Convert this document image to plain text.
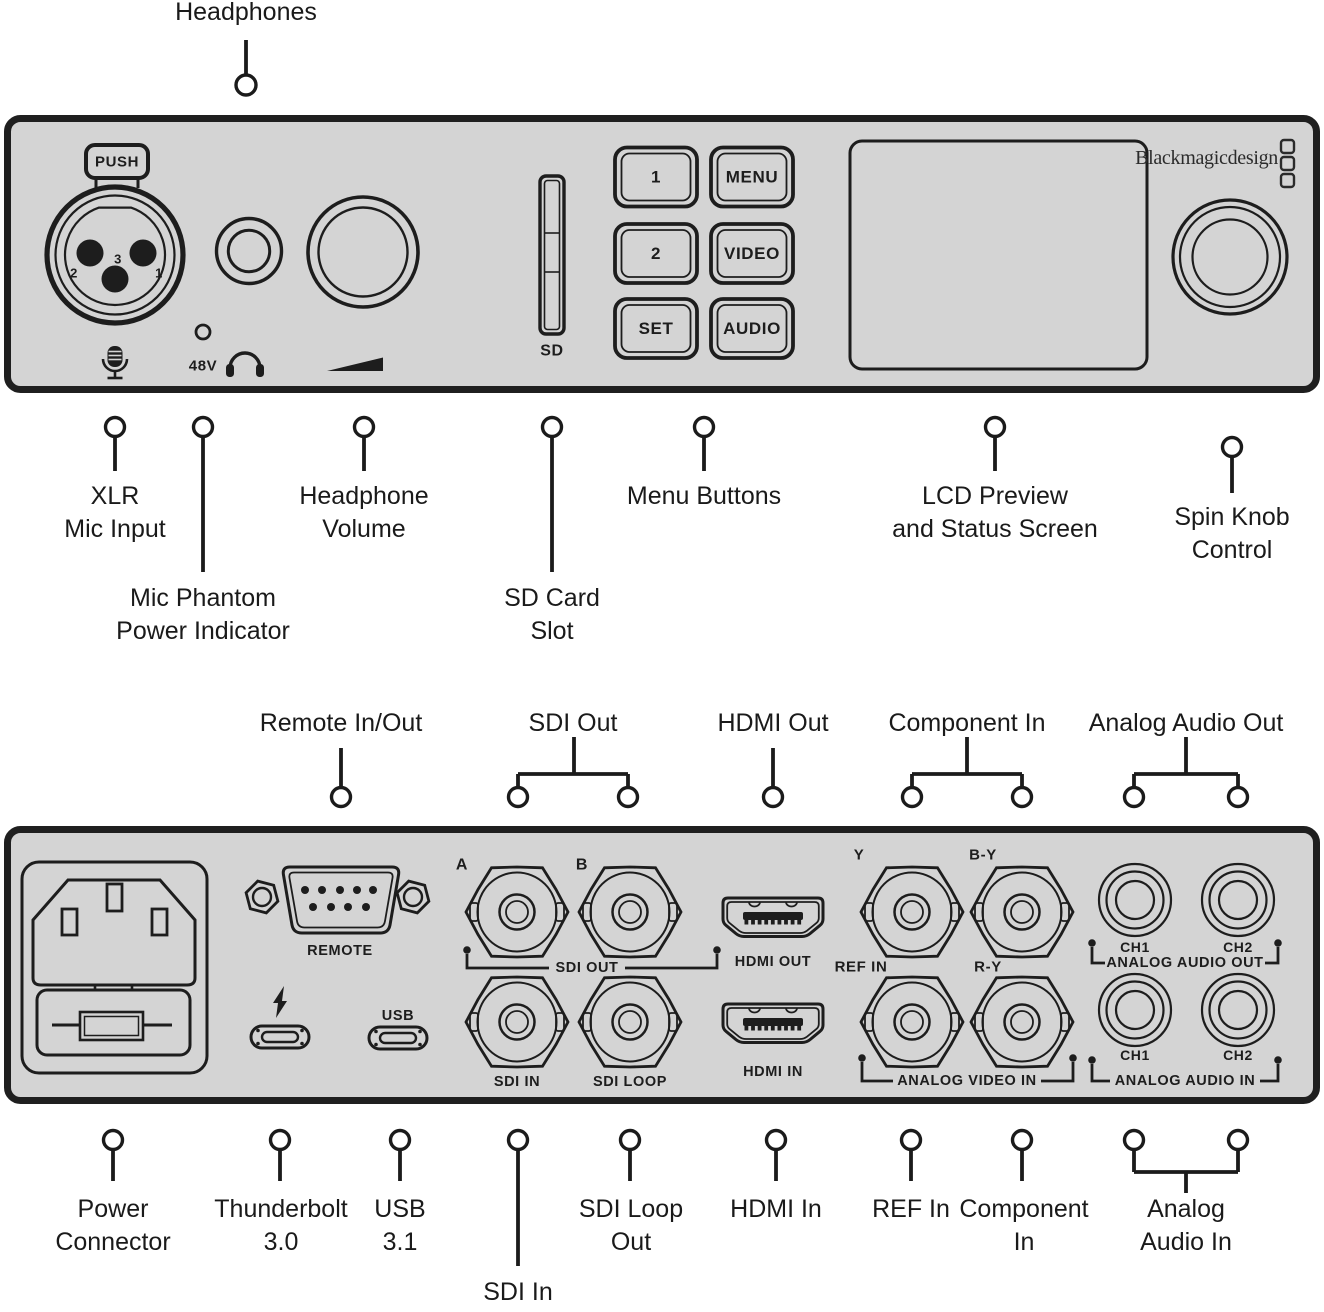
PUSH
2
3
1
48V
SD
1	MENU
2	VIDEO
SET	AUDIO
Blackmagicdesign
REMOTE
USB
A	B
SDI OUT
SDI IN	SDI LOOP
HDMI OUT
HDMI IN
Y	B-Y
REF IN	R-Y
ANALOG VIDEO IN
CH1	CH2
ANALOG AUDIO OUT
CH1	CH2
ANALOG AUDIO IN
Headphones
XLR
Mic Input
Mic Phantom
Power Indicator
Headphone
Volume
SD Card
Slot
Menu Buttons	LCD Preview
and Status Screen	Spin Knob
Control
Remote In/Out	SDI Out	HDMI Out Component In Analog Audio Out
Power
Connector
Thunderbolt
3.0
USB
3.1
SDI In
SDI Loop
Out
HDMI In REF In Component
In
Analog
Audio In
